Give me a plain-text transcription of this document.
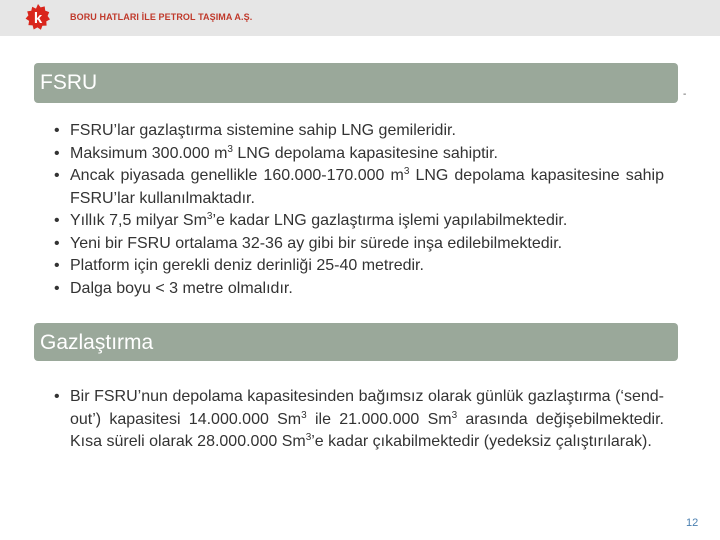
k	BORU HATLARI İLE PETROL TAŞIMA A.Ş.
FSRU
-
• FSRU’lar gazlaştırma sistemine sahip LNG gemileridir.
• Maksimum 300.000 $m^3$ LNG depolama kapasitesine sahiptir.
• Ancak piyasada genellikle 160.000-170.000 $m^3$ LNG depolama kapasitesine sahip FSRU’lar kullanılmaktadır.
• Yıllık 7,5 milyar Sm$^3$’e kadar LNG gazlaştırma işlemi yapılabilmektedir.
• Yeni bir FSRU ortalama 32-36 ay gibi bir sürede inşa edilebilmektedir.
• Platform için gerekli deniz derinliği 25-40 metredir.
• Dalga boyu < 3 metre olmalıdır.
Gazlaştırma
• Bir FSRU’nun depolama kapasitesinden bağımsız olarak günlük gazlaştırma (‘send-out’) kapasitesi 14.000.000 Sm$^3$ ile 21.000.000 Sm$^3$ arasında değişebilmektedir. Kısa süreli olarak 28.000.000 Sm$^3$’e kadar çıkabilmektedir (yedeksiz çalıştırılarak).
12
